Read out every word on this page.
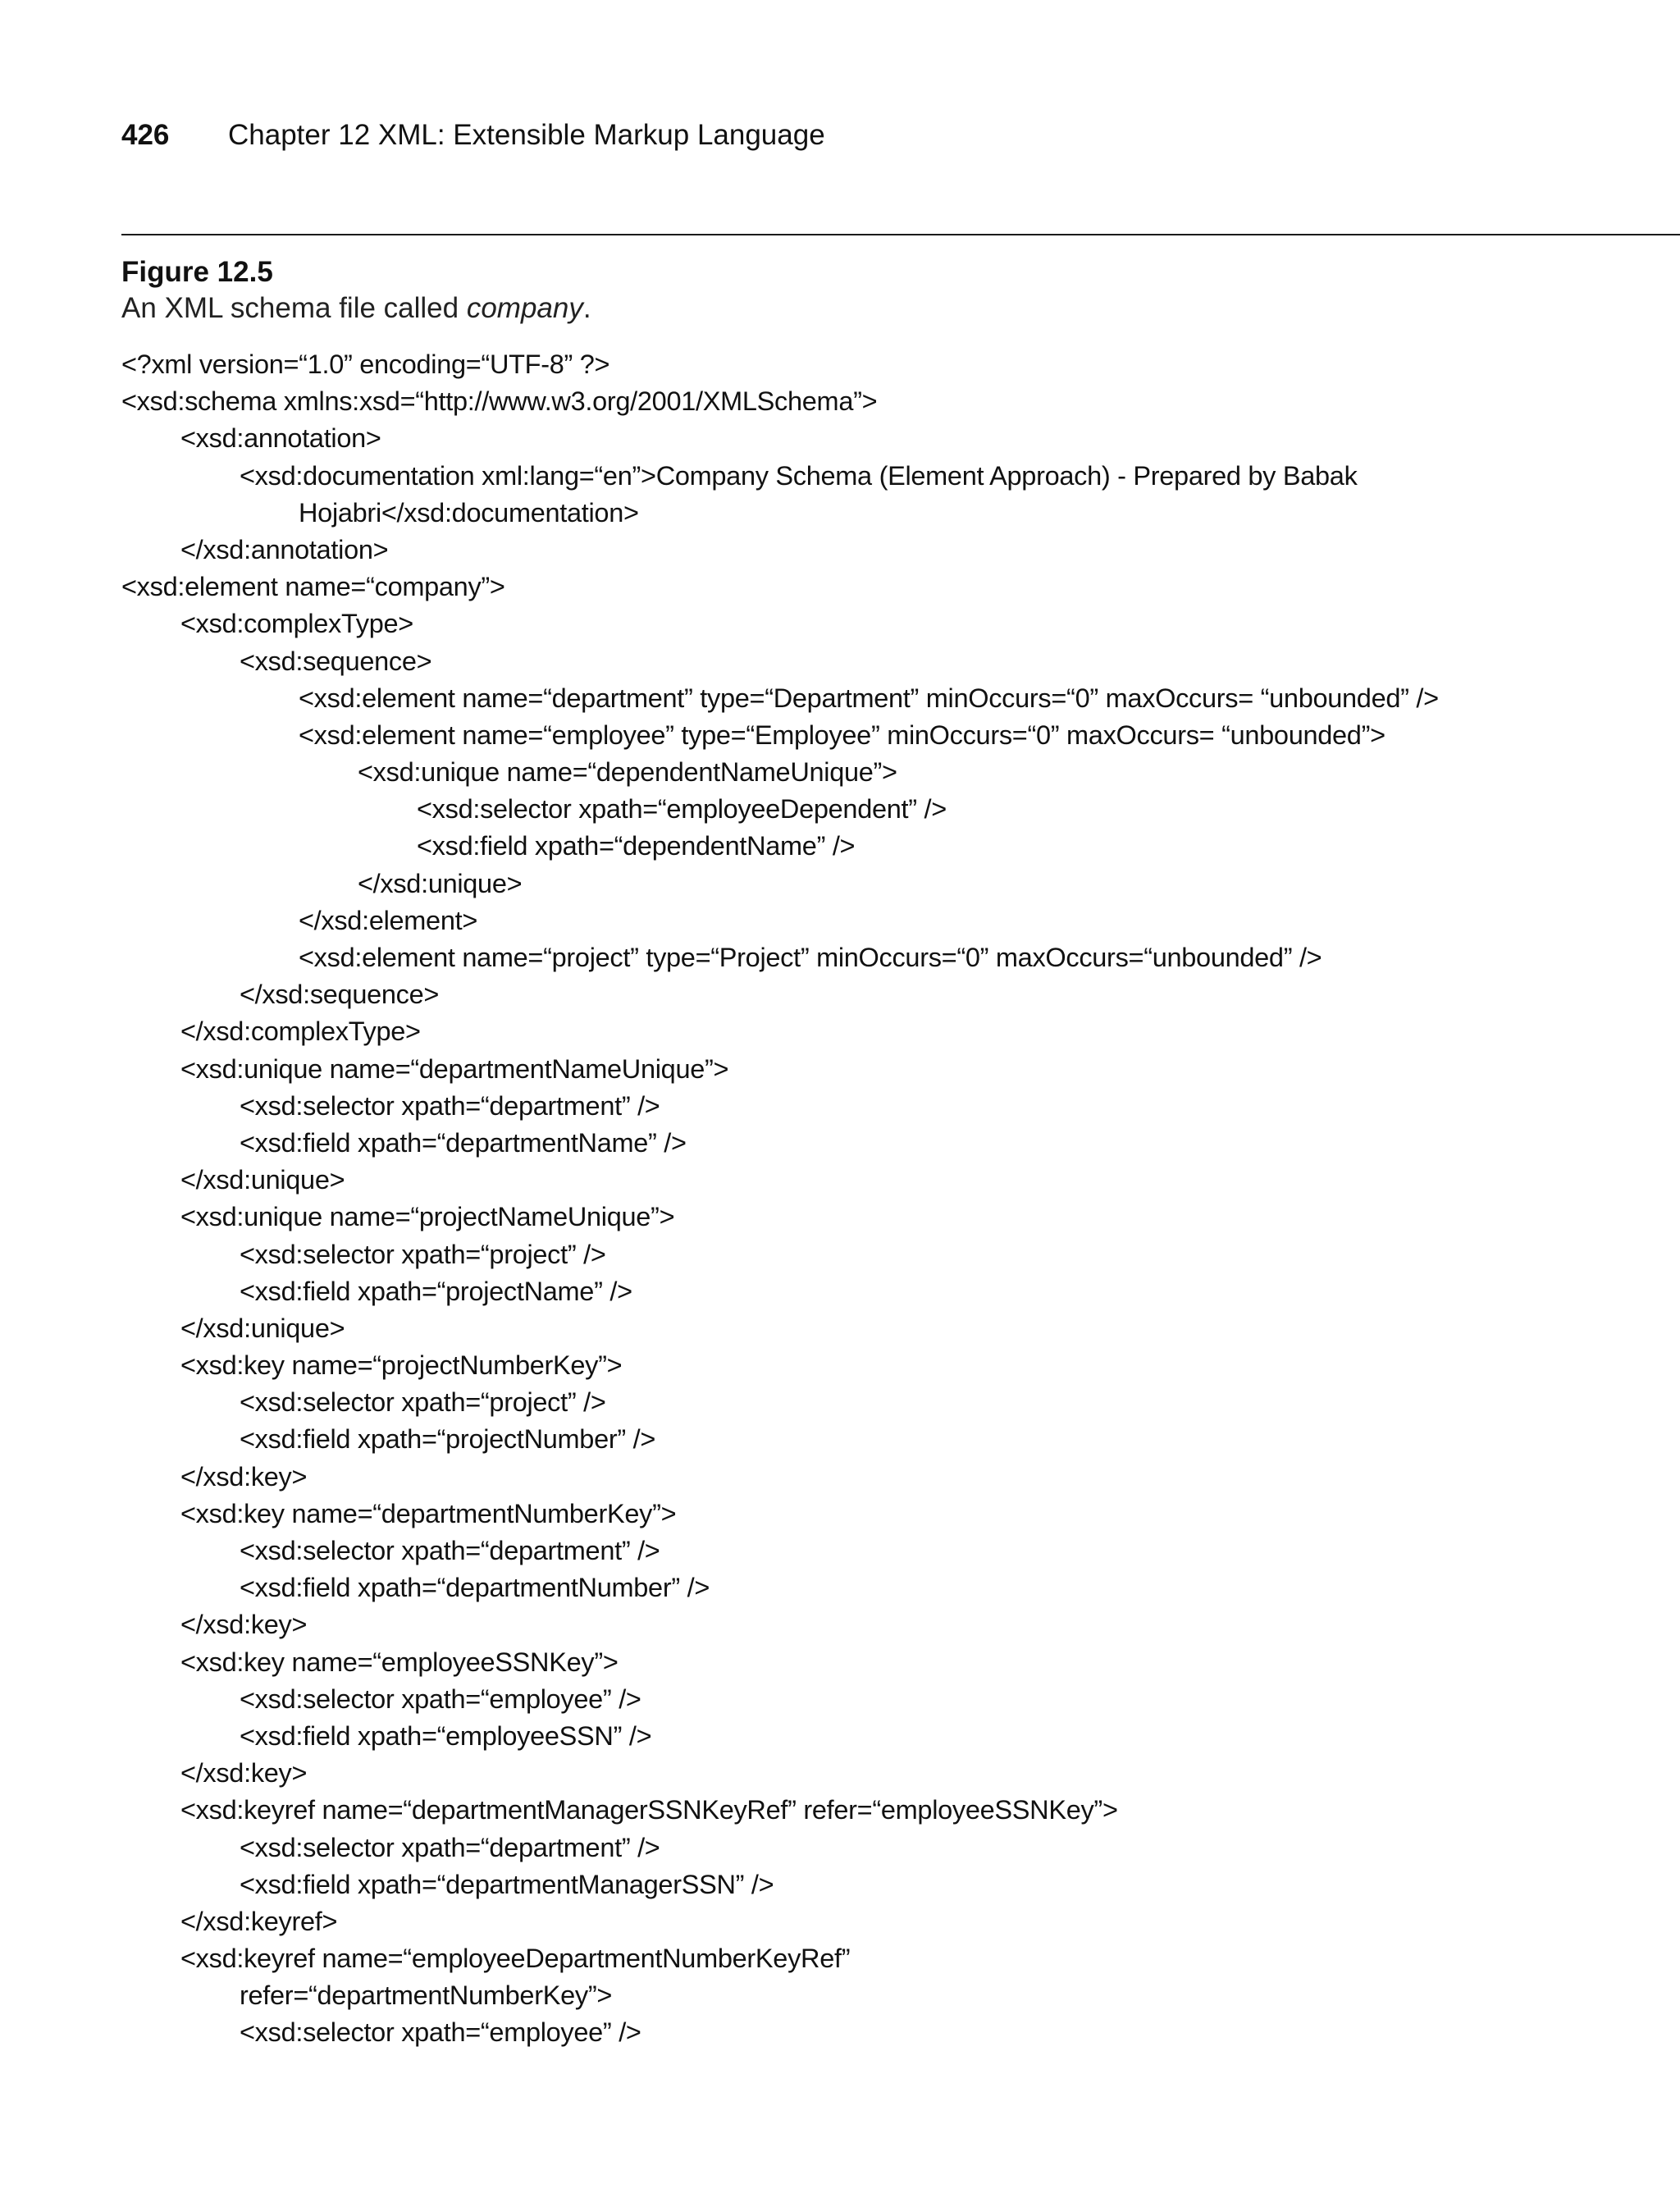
426 Chapter 12 XML: Extensible Markup Language
Figure 12.5
An XML schema file called company.
<?xml version=“1.0” encoding=“UTF-8” ?>
<xsd:schema xmlns:xsd=“http://www.w3.org/2001/XMLSchema”>
<xsd:annotation>
<xsd:documentation xml:lang=“en”>Company Schema (Element Approach) - Prepared by Babak
Hojabri</xsd:documentation>
</xsd:annotation>
<xsd:element name=“company”>
<xsd:complexType>
<xsd:sequence>
<xsd:element name=“department” type=“Department” minOccurs=“0” maxOccurs= “unbounded” />
<xsd:element name=“employee” type=“Employee” minOccurs=“0” maxOccurs= “unbounded”>
<xsd:unique name=“dependentNameUnique”>
<xsd:selector xpath=“employeeDependent” />
<xsd:field xpath=“dependentName” />
</xsd:unique>
</xsd:element>
<xsd:element name=“project” type=“Project” minOccurs=“0” maxOccurs=“unbounded” />
</xsd:sequence>
</xsd:complexType>
<xsd:unique name=“departmentNameUnique”>
<xsd:selector xpath=“department” />
<xsd:field xpath=“departmentName” />
</xsd:unique>
<xsd:unique name=“projectNameUnique”>
<xsd:selector xpath=“project” />
<xsd:field xpath=“projectName” />
</xsd:unique>
<xsd:key name=“projectNumberKey”>
<xsd:selector xpath=“project” />
<xsd:field xpath=“projectNumber” />
</xsd:key>
<xsd:key name=“departmentNumberKey”>
<xsd:selector xpath=“department” />
<xsd:field xpath=“departmentNumber” />
</xsd:key>
<xsd:key name=“employeeSSNKey”>
<xsd:selector xpath=“employee” />
<xsd:field xpath=“employeeSSN” />
</xsd:key>
<xsd:keyref name=“departmentManagerSSNKeyRef” refer=“employeeSSNKey”>
<xsd:selector xpath=“department” />
<xsd:field xpath=“departmentManagerSSN” />
</xsd:keyref>
<xsd:keyref name=“employeeDepartmentNumberKeyRef”
refer=“departmentNumberKey”>
<xsd:selector xpath=“employee” />
